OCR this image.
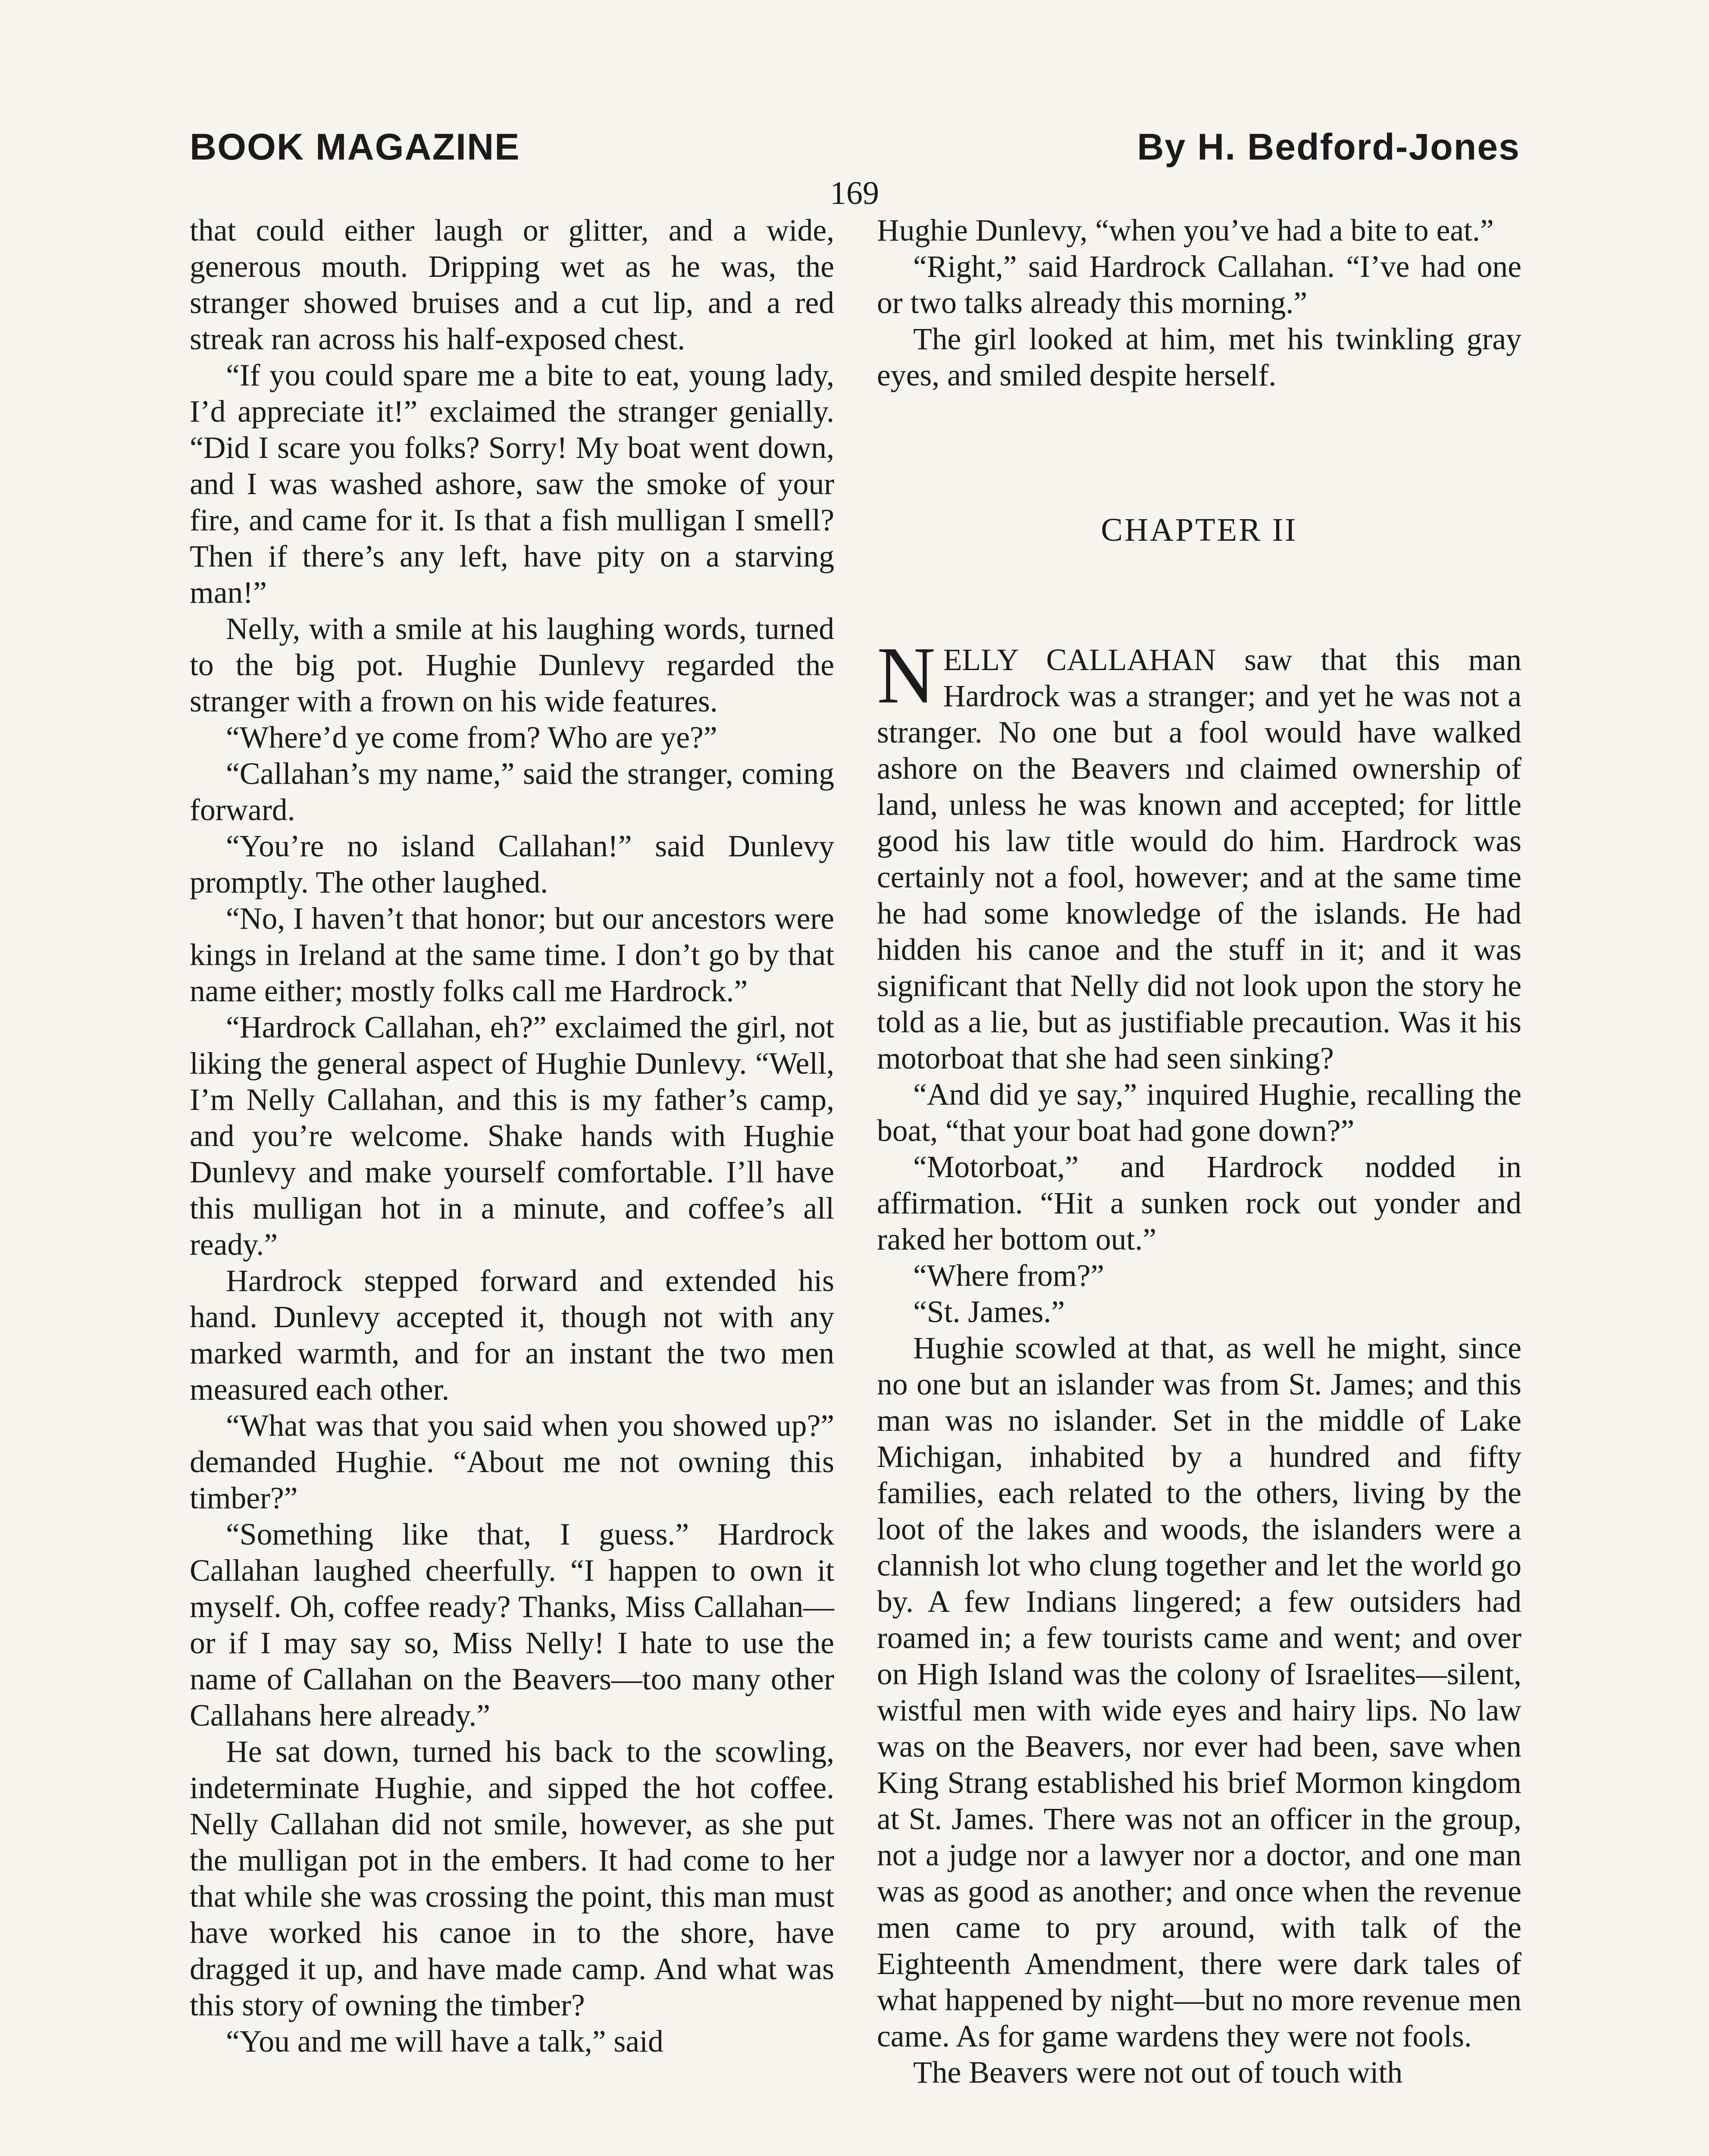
BOOK MAGAZINE	By H. Bedford-Jones
169

that could either laugh or glitter, and a wide, generous mouth. Dripping wet as he was, the stranger showed bruises and a cut lip, and a red streak ran across his half-exposed chest.

“If you could spare me a bite to eat, young lady, I’d appreciate it!” exclaimed the stranger genially. “Did I scare you folks? Sorry! My boat went down, and I was washed ashore, saw the smoke of your fire, and came for it. Is that a fish mulligan I smell? Then if there’s any left, have pity on a starving man!”

Nelly, with a smile at his laughing words, turned to the big pot. Hughie Dunlevy regarded the stranger with a frown on his wide features.

“Where’d ye come from? Who are ye?”

“Callahan’s my name,” said the stranger, coming forward.

“You’re no island Callahan!” said Dunlevy promptly. The other laughed.

“No, I haven’t that honor; but our ancestors were kings in Ireland at the same time. I don’t go by that name either; mostly folks call me Hardrock.”

“Hardrock Callahan, eh?” exclaimed the girl, not liking the general aspect of Hughie Dunlevy. “Well, I’m Nelly Callahan, and this is my father’s camp, and you’re welcome. Shake hands with Hughie Dunlevy and make yourself comfortable. I’ll have this mulligan hot in a minute, and coffee’s all ready.”

Hardrock stepped forward and extended his hand. Dunlevy accepted it, though not with any marked warmth, and for an instant the two men measured each other.

“What was that you said when you showed up?” demanded Hughie. “About me not owning this timber?”

“Something like that, I guess.” Hardrock Callahan laughed cheerfully. “I happen to own it myself. Oh, coffee ready? Thanks, Miss Callahan—or if I may say so, Miss Nelly! I hate to use the name of Callahan on the Beavers—too many other Callahans here already.”

He sat down, turned his back to the scowling, indeterminate Hughie, and sipped the hot coffee. Nelly Callahan did not smile, however, as she put the mulligan pot in the embers. It had come to her that while she was crossing the point, this man must have worked his canoe in to the shore, have dragged it up, and have made camp. And what was this story of owning the timber?

“You and me will have a talk,” said

Hughie Dunlevy, “when you’ve had a bite to eat.”

“Right,” said Hardrock Callahan. “I’ve had one or two talks already this morning.”

The girl looked at him, met his twinkling gray eyes, and smiled despite herself.

CHAPTER II

NELLY CALLAHAN saw that this man Hardrock was a stranger; and yet he was not a stranger. No one but a fool would have walked ashore on the Beavers ınd claimed ownership of land, unless he was known and accepted; for little good his law title would do him. Hardrock was certainly not a fool, however; and at the same time he had some knowledge of the islands. He had hidden his canoe and the stuff in it; and it was significant that Nelly did not look upon the story he told as a lie, but as justifiable precaution. Was it his motorboat that she had seen sinking?

“And did ye say,” inquired Hughie, recalling the boat, “that your boat had gone down?”

“Motorboat,” and Hardrock nodded in affirmation. “Hit a sunken rock out yonder and raked her bottom out.”

“Where from?”

“St. James.”

Hughie scowled at that, as well he might, since no one but an islander was from St. James; and this man was no islander. Set in the middle of Lake Michigan, inhabited by a hundred and fifty families, each related to the others, living by the loot of the lakes and woods, the islanders were a clannish lot who clung together and let the world go by. A few Indians lingered; a few outsiders had roamed in; a few tourists came and went; and over on High Island was the colony of Israelites—silent, wistful men with wide eyes and hairy lips. No law was on the Beavers, nor ever had been, save when King Strang established his brief Mormon kingdom at St. James. There was not an officer in the group, not a judge nor a lawyer nor a doctor, and one man was as good as another; and once when the revenue men came to pry around, with talk of the Eighteenth Amendment, there were dark tales of what happened by night—but no more revenue men came. As for game wardens they were not fools.

The Beavers were not out of touch with
